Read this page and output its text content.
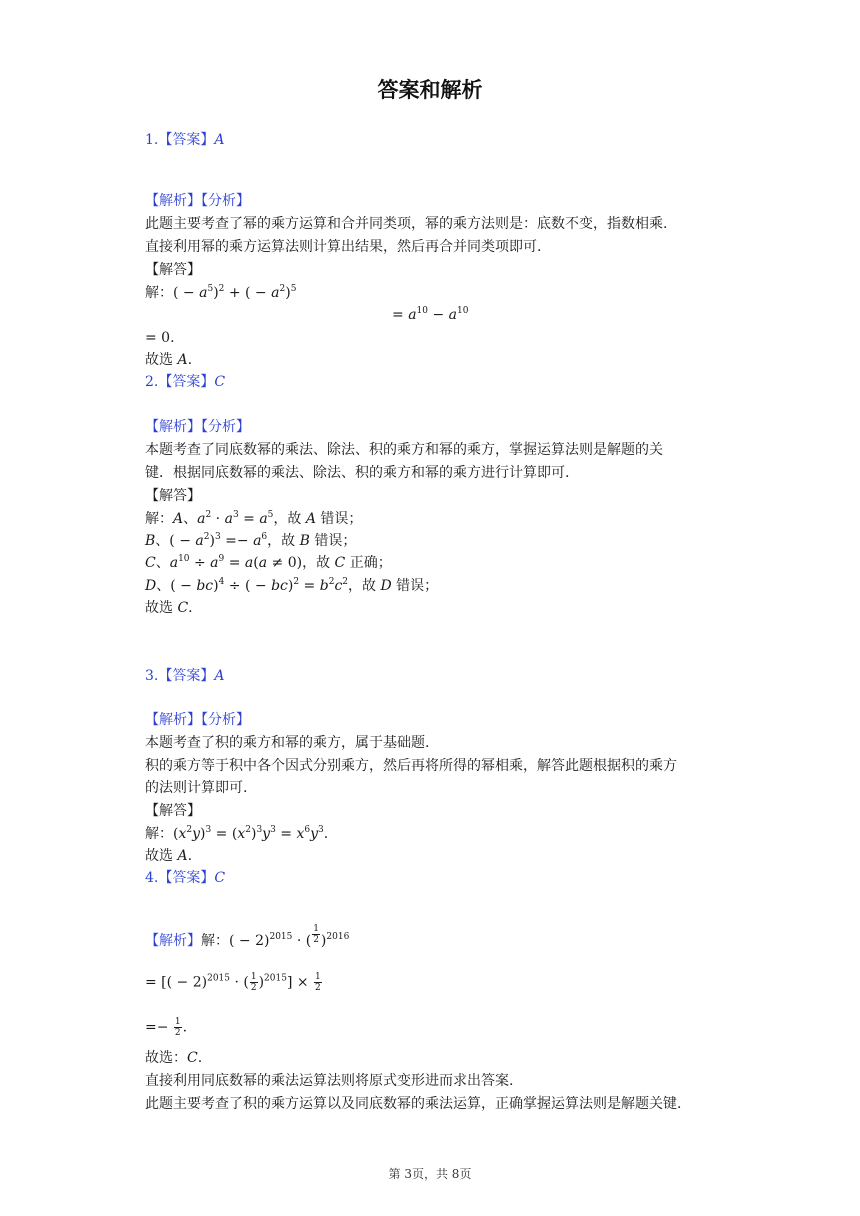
答案和解析
1.【答案】A
【解析】【分析】
此题主要考查了幂的乘方运算和合并同类项，幂的乘方法则是：底数不变，指数相乘.
直接利用幂的乘方运算法则计算出结果，然后再合并同类项即可.
【解答】
解：( − $a^5)^2$ + ( − $a^2)^5$
= $a^{10} - a^{10}$
= 0.
故选 A.
2.【答案】C
【解析】【分析】
本题考查了同底数幂的乘法、除法、积的乘方和幂的乘方，掌握运算法则是解题的关
键．根据同底数幂的乘法、除法、积的乘方和幂的乘方进行计算即可.
【解答】
解：A、$a^2 \cdot a^3 = a^5$，故 A 错误；
B、( − $a^2)^3 =- a^6$，故 B 错误；
C、$a^{10} \div a^9 = a(a \ne 0)$，故 C 正确；
D、( − bc)$^4$ ÷ ( − $bc)^2 = b^2c^2$，故 D 错误；
故选 C.
3.【答案】A
【解析】【分析】
本题考查了积的乘方和幂的乘方，属于基础题.
积的乘方等于积中各个因式分别乘方，然后再将所得的幂相乘，解答此题根据积的乘方
的法则计算即可.
【解答】
解：$(x^2y)^3 = (x^2)^3y^3 = x^6y^3$.
故选 A.
4.【答案】C
【解析】解：( − 2)$^{2015}$ · ( $\frac{1}{2} )^{2016}$
= [( − 2)$^{2015}$ · ( $\frac{1}{2} )^{2015}] \times \frac{1}{2}$
=− $\frac{1}{2}$ .
故选：C.
直接利用同底数幂的乘法运算法则将原式变形进而求出答案.
此题主要考查了积的乘方运算以及同底数幂的乘法运算，正确掌握运算法则是解题关键.
第 3页，共 8页
